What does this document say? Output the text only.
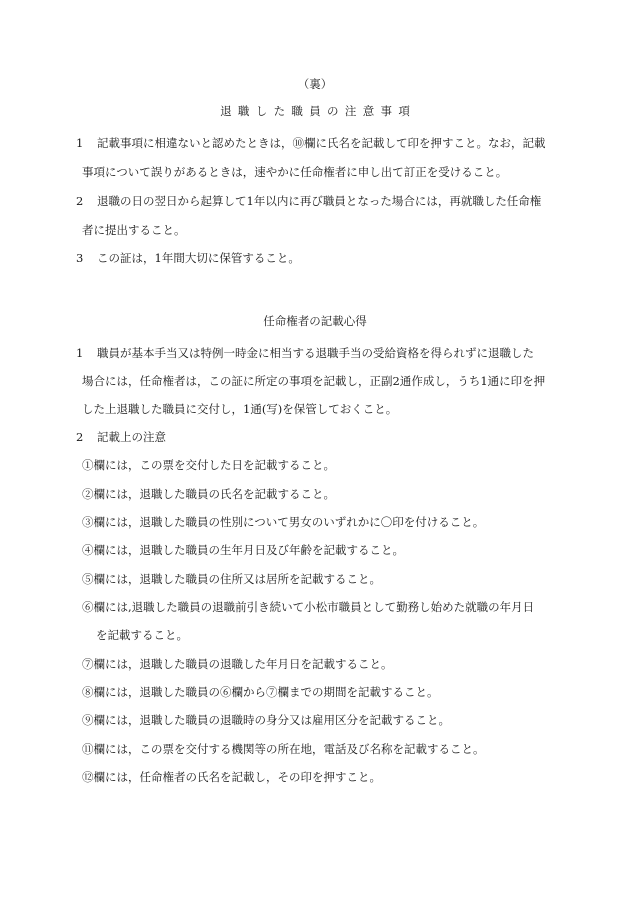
（裏）
退職した職員の注意事項
1 記載事項に相違ないと認めたときは，⑩欄に氏名を記載して印を押すこと。なお，記載
事項について誤りがあるときは，速やかに任命権者に申し出て訂正を受けること。
2 退職の日の翌日から起算して1年以内に再び職員となった場合には，再就職した任命権
者に提出すること。
3 この証は，1年間大切に保管すること。
任命権者の記載心得
1 職員が基本手当又は特例一時金に相当する退職手当の受給資格を得られずに退職した
場合には，任命権者は，この証に所定の事項を記載し，正副2通作成し，うち1通に印を押
した上退職した職員に交付し，1通(写)を保管しておくこと。
2 記載上の注意
①欄には，この票を交付した日を記載すること。
②欄には，退職した職員の氏名を記載すること。
③欄には，退職した職員の性別について男女のいずれかに〇印を付けること。
④欄には，退職した職員の生年月日及び年齢を記載すること。
⑤欄には，退職した職員の住所又は居所を記載すること。
⑥欄には,退職した職員の退職前引き続いて小松市職員として勤務し始めた就職の年月日
を記載すること。
⑦欄には，退職した職員の退職した年月日を記載すること。
⑧欄には，退職した職員の⑥欄から⑦欄までの期間を記載すること。
⑨欄には，退職した職員の退職時の身分又は雇用区分を記載すること。
⑪欄には，この票を交付する機関等の所在地，電話及び名称を記載すること。
⑫欄には，任命権者の氏名を記載し，その印を押すこと。
